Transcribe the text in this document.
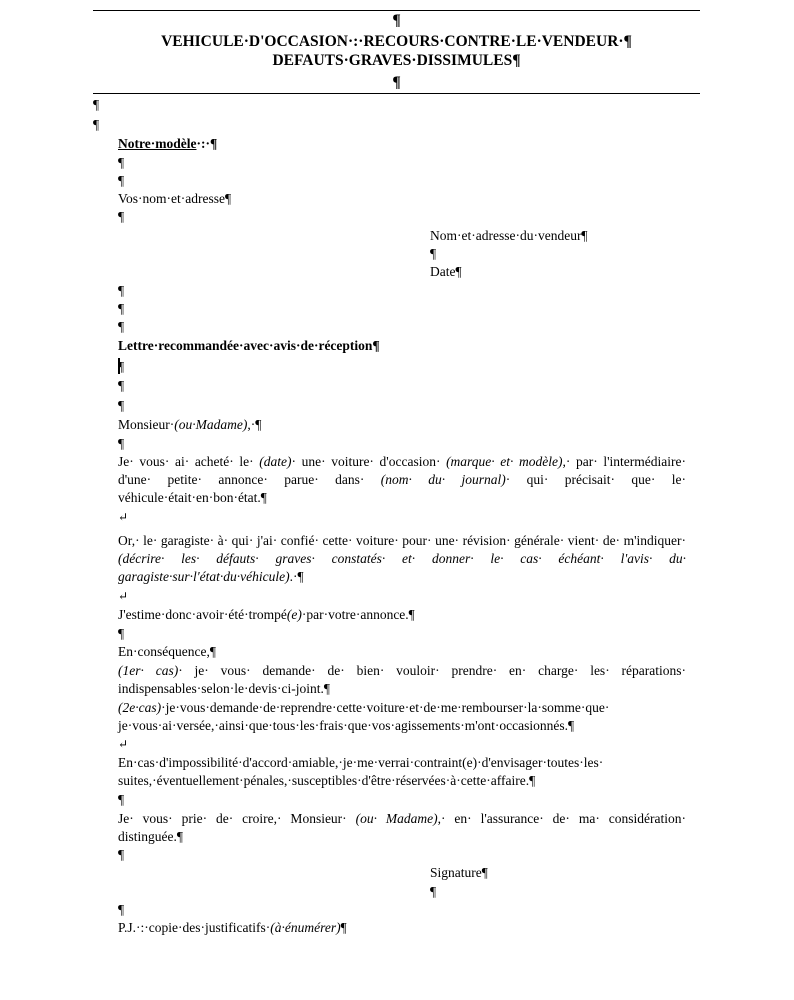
¶
VEHICULE·D'OCCASION·:·RECOURS·CONTRE·LE·VENDEUR·¶
DEFAUTS·GRAVES·DISSIMULES¶
¶
¶
¶
Notre·modèle·:·¶
¶
¶
Vos·nom·et·adresse¶
¶
Nom·et·adresse·du·vendeur¶
¶
Date¶
¶
¶
¶
Lettre·recommandée·avec·avis·de·réception¶
¶
¶
¶
Monsieur·(ou·Madame),·¶
¶
Je· vous· ai· acheté· le· (date)· une· voiture· d'occasion· (marque· et· modèle),· par· l'intermédiaire· d'une· petite· annonce· parue· dans· (nom· du· journal)· qui· précisait· que· le· véhicule·était·en·bon·état.¶
↵
Or,· le· garagiste· à· qui· j'ai· confié· cette· voiture· pour· une· révision· générale· vient· de· m'indiquer· (décrire· les· défauts· graves· constatés· et· donner· le· cas· échéant· l'avis· du· garagiste·sur·l'état·du·véhicule).·¶
↵
J'estime·donc·avoir·été·trompé(e)·par·votre·annonce.¶
¶
En·conséquence,¶
(1er· cas)· je· vous· demande· de· bien· vouloir· prendre· en· charge· les· réparations· indispensables·selon·le·devis·ci-joint.¶
(2e·cas)·je·vous·demande·de·reprendre·cette·voiture·et·de·me·rembourser·la·somme·que· je·vous·ai·versée,·ainsi·que·tous·les·frais·que·vos·agissements·m'ont·occasionnés.¶
↵
En·cas·d'impossibilité·d'accord·amiable,·je·me·verrai·contraint(e)·d'envisager·toutes·les· suites,·éventuellement·pénales,·susceptibles·d'être·réservées·à·cette·affaire.¶
¶
Je· vous· prie· de· croire,· Monsieur· (ou· Madame),· en· l'assurance· de· ma· considération· distinguée.¶
¶
Signature¶
¶
¶
P.J.·:·copie·des·justificatifs·(à·énumérer)¶
